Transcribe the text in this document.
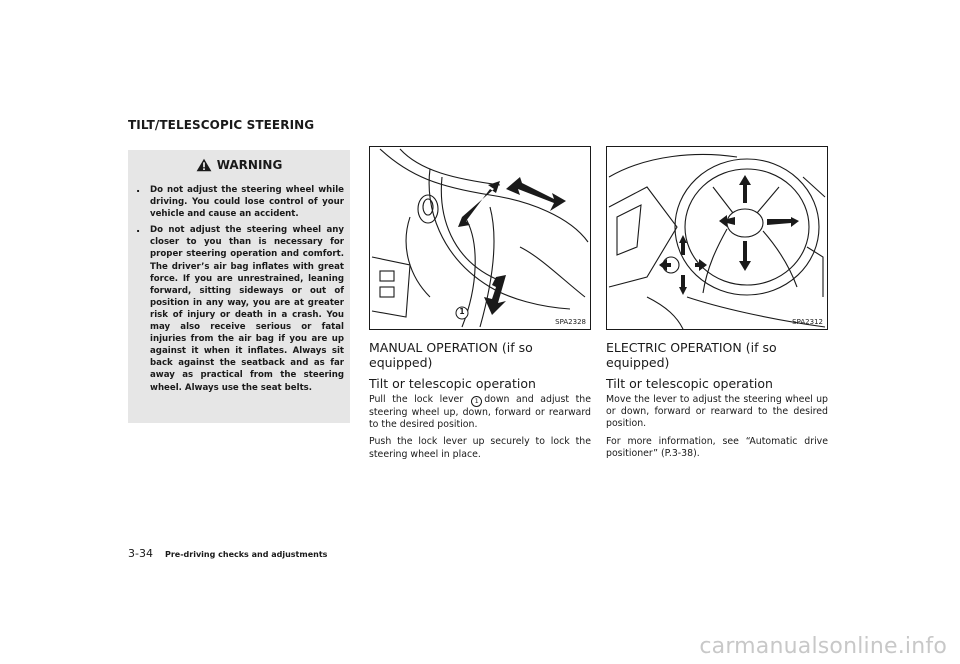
TILT/TELESCOPIC STEERING
WARNING
. Do not adjust the steering wheel while driving. You could lose control of your vehicle and cause an accident.
. Do not adjust the steering wheel any closer to you than is necessary for proper steering operation and comfort. The driver’s air bag inflates with great force. If you are unrestrained, leaning forward, sitting sideways or out of position in any way, you are at greater risk of injury or death in a crash. You may also receive serious or fatal injuries from the air bag if you are up against it when it inflates. Always sit back against the seatback and as far away as practical from the steering wheel. Always use the seat belts.
1
SPA2328	SPA2312
MANUAL OPERATION (if so equipped)
Tilt or telescopic operation
Pull the lock lever 1 down and adjust the steering wheel up, down, forward or rearward to the desired position.
Push the lock lever up securely to lock the steering wheel in place.
ELECTRIC OPERATION (if so equipped)
Tilt or telescopic operation
Move the lever to adjust the steering wheel up or down, forward or rearward to the desired position.
For more information, see “Automatic drive positioner” (P.3-38).
3-34 Pre-driving checks and adjustments
carmanualsonline.info
